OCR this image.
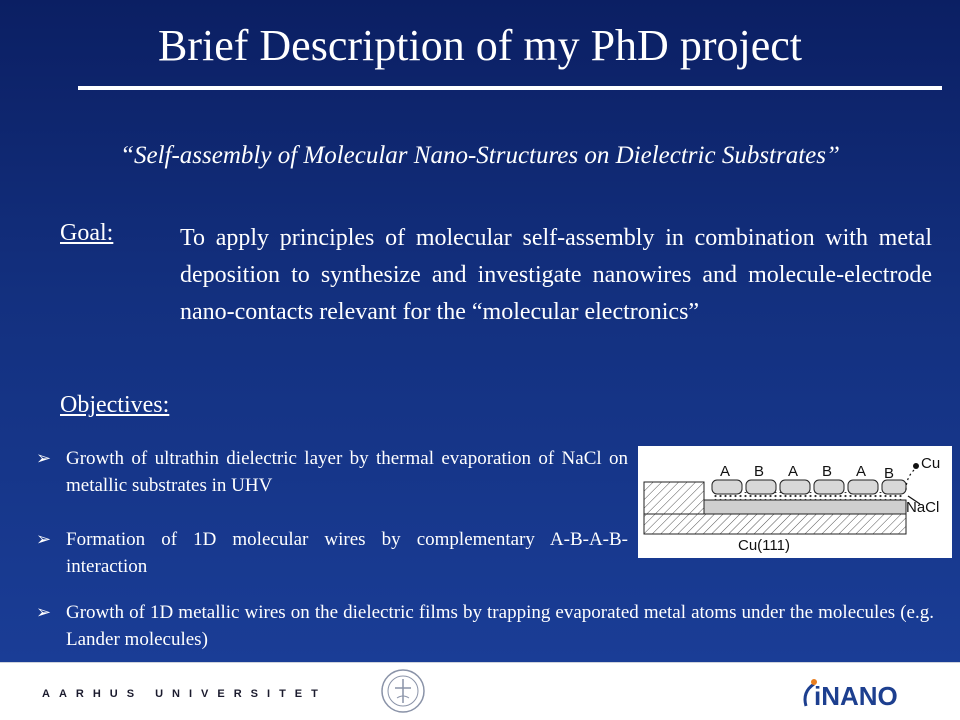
Brief Description of my PhD project
“Self-assembly of Molecular Nano-Structures on Dielectric Substrates”
Goal:	To apply principles of molecular self-assembly in combination with metal deposition to synthesize and investigate nanowires and molecule-electrode nano-contacts relevant for the “molecular electronics”
Objectives:
➢ Growth of ultrathin dielectric layer by thermal evaporation of NaCl on metallic substrates in UHV
➢ Formation of 1D molecular wires by complementary A-B-A-B- interaction
➢ Growth of 1D metallic wires on the dielectric films by trapping evaporated metal atoms under the molecules (e.g. Lander molecules)
A B A B A B
Cu
NaCl
Cu(111)
AARHUS UNIVERSITET	iNANO
